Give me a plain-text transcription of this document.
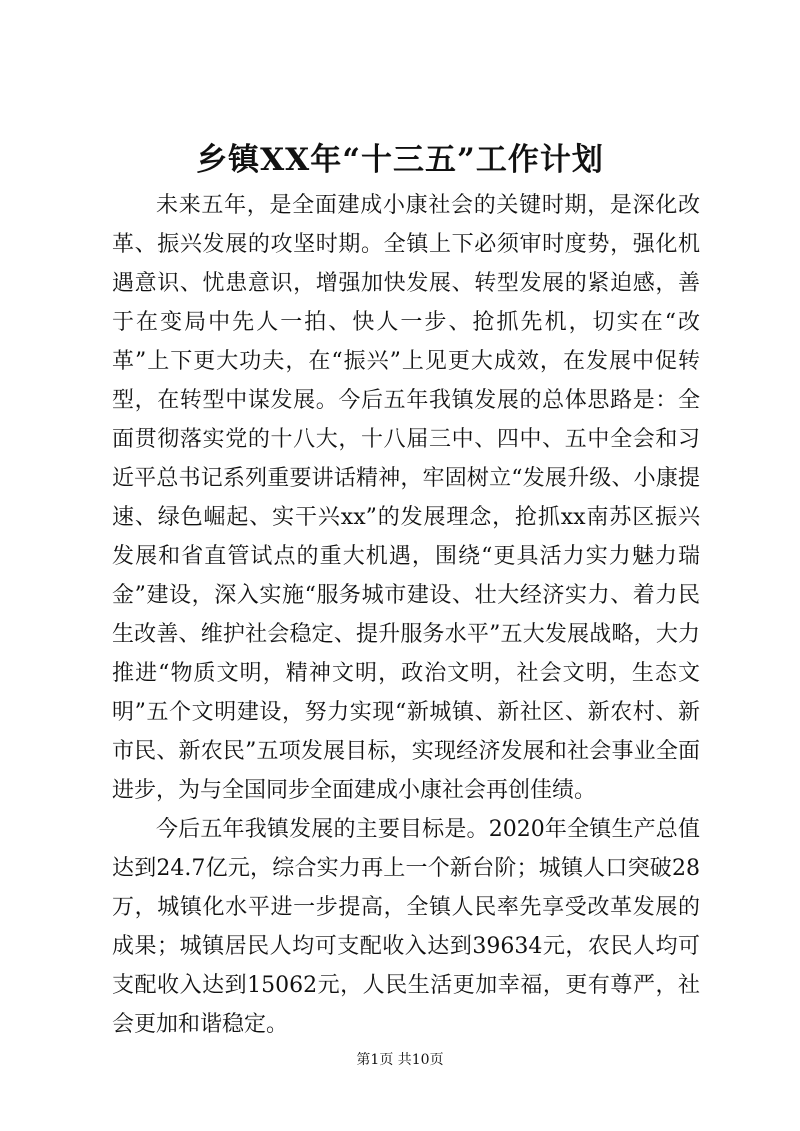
乡镇XX年“十三五”工作计划

未来五年，是全面建成小康社会的关键时期，是深化改革、振兴发展的攻坚时期。全镇上下必须审时度势，强化机遇意识、忧患意识，增强加快发展、转型发展的紧迫感，善于在变局中先人一拍、快人一步、抢抓先机，切实在“改革”上下更大功夫，在“振兴”上见更大成效，在发展中促转型，在转型中谋发展。今后五年我镇发展的总体思路是：全面贯彻落实党的十八大，十八届三中、四中、五中全会和习近平总书记系列重要讲话精神，牢固树立“发展升级、小康提速、绿色崛起、实干兴xx”的发展理念，抢抓xx南苏区振兴发展和省直管试点的重大机遇，围绕“更具活力实力魅力瑞金”建设，深入实施“服务城市建设、壮大经济实力、着力民生改善、维护社会稳定、提升服务水平”五大发展战略，大力推进“物质文明，精神文明，政治文明，社会文明，生态文明”五个文明建设，努力实现“新城镇、新社区、新农村、新市民、新农民”五项发展目标，实现经济发展和社会事业全面进步，为与全国同步全面建成小康社会再创佳绩。

今后五年我镇发展的主要目标是。2020年全镇生产总值达到24.7亿元，综合实力再上一个新台阶；城镇人口突破28万，城镇化水平进一步提高，全镇人民率先享受改革发展的成果；城镇居民人均可支配收入达到39634元，农民人均可支配收入达到15062元，人民生活更加幸福，更有尊严，社会更加和谐稳定。

第1页 共10页
